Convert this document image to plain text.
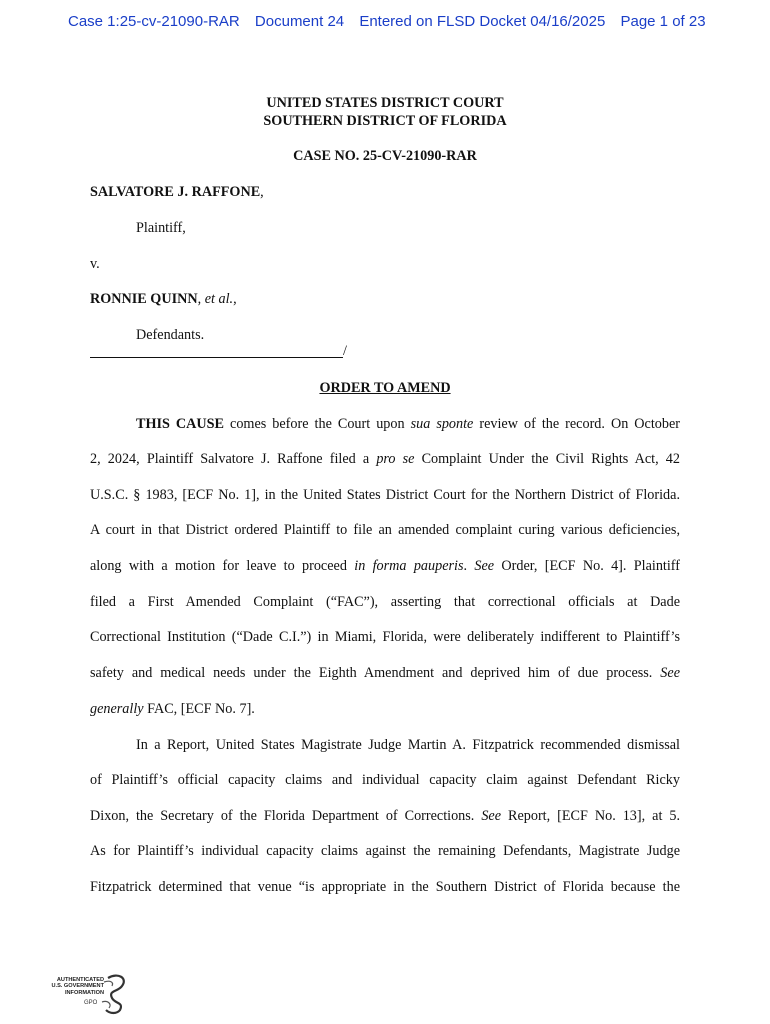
Case 1:25-cv-21090-RAR Document 24 Entered on FLSD Docket 04/16/2025 Page 1 of 23
UNITED STATES DISTRICT COURT
SOUTHERN DISTRICT OF FLORIDA
CASE NO. 25-CV-21090-RAR
SALVATORE J. RAFFONE,
Plaintiff,
v.
RONNIE QUINN, et al.,
Defendants.
/
ORDER TO AMEND
THIS CAUSE comes before the Court upon sua sponte review of the record. On October
2, 2024, Plaintiff Salvatore J. Raffone filed a pro se Complaint Under the Civil Rights Act, 42
U.S.C. § 1983, [ECF No. 1], in the United States District Court for the Northern District of Florida.
A court in that District ordered Plaintiff to file an amended complaint curing various deficiencies,
along with a motion for leave to proceed in forma pauperis. See Order, [ECF No. 4]. Plaintiff
filed a First Amended Complaint (“FAC”), asserting that correctional officials at Dade
Correctional Institution (“Dade C.I.”) in Miami, Florida, were deliberately indifferent to Plaintiff’s
safety and medical needs under the Eighth Amendment and deprived him of due process. See
generally FAC, [ECF No. 7].
In a Report, United States Magistrate Judge Martin A. Fitzpatrick recommended dismissal
of Plaintiff’s official capacity claims and individual capacity claim against Defendant Ricky
Dixon, the Secretary of the Florida Department of Corrections. See Report, [ECF No. 13], at 5.
As for Plaintiff’s individual capacity claims against the remaining Defendants, Magistrate Judge
Fitzpatrick determined that venue “is appropriate in the Southern District of Florida because the
AUTHENTICATED
U.S. GOVERNMENT
INFORMATION
GPO
